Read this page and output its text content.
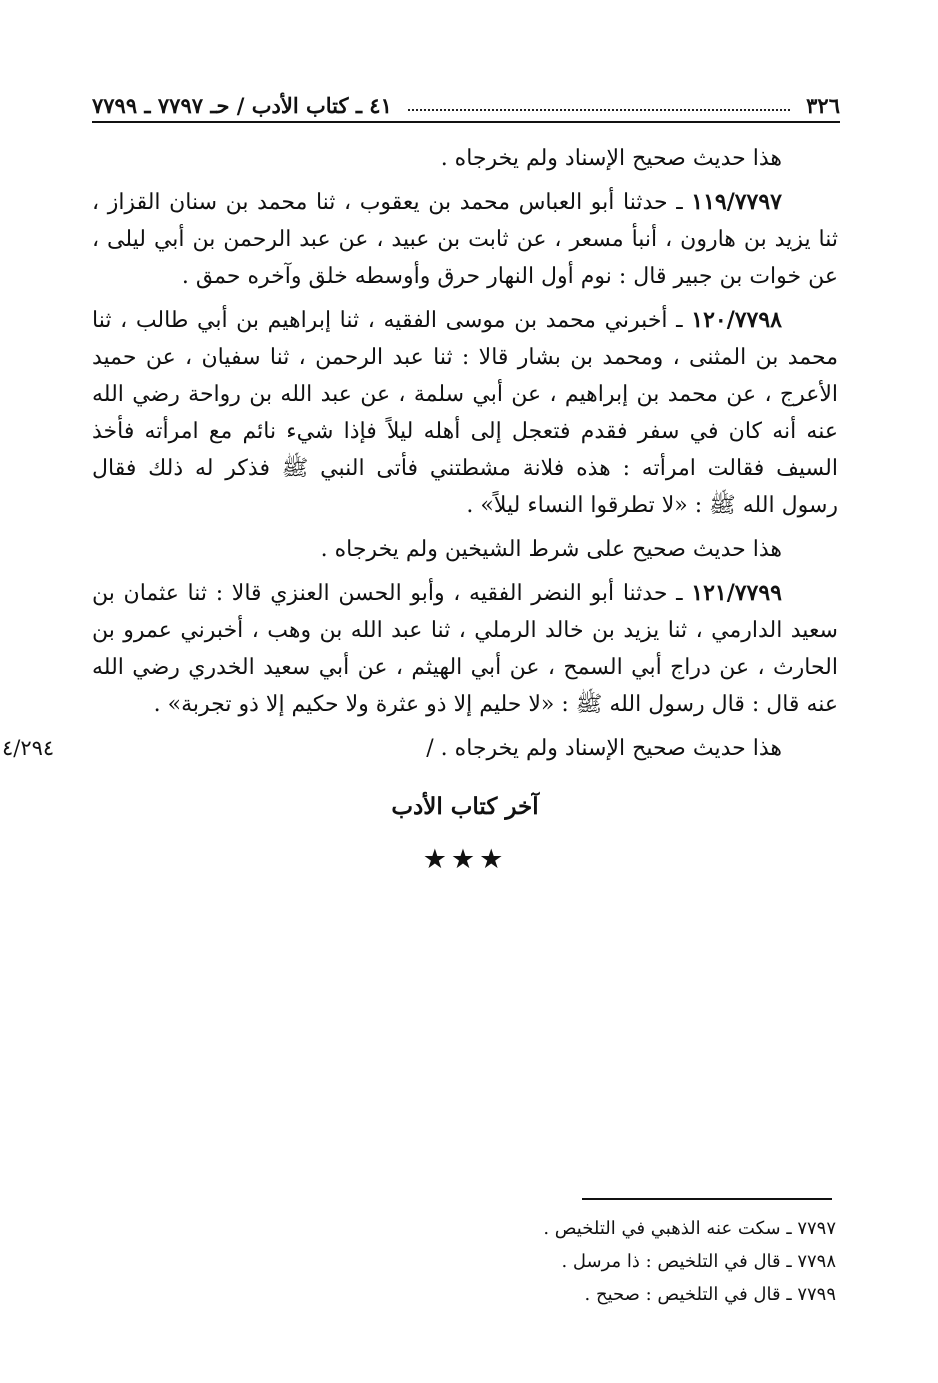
٣٢٦
٤١ ـ كتاب الأدب / حـ ٧٧٩٧ ـ ٧٧٩٩

هذا حديث صحيح الإسناد ولم يخرجاه .

١١٩/٧٧٩٧ ـ حدثنا أبو العباس محمد بن يعقوب ، ثنا محمد بن سنان القزاز ، ثنا يزيد بن هارون ، أنبأ مسعر ، عن ثابت بن عبيد ، عن عبد الرحمن بن أبي ليلى ، عن خوات بن جبير قال : نوم أول النهار حرق وأوسطه خلق وآخره حمق .

١٢٠/٧٧٩٨ ـ أخبرني محمد بن موسى الفقيه ، ثنا إبراهيم بن أبي طالب ، ثنا محمد بن المثنى ، ومحمد بن بشار قالا : ثنا عبد الرحمن ، ثنا سفيان ، عن حميد الأعرج ، عن محمد بن إبراهيم ، عن أبي سلمة ، عن عبد الله بن رواحة رضي الله عنه أنه كان في سفر فقدم فتعجل إلى أهله ليلاً فإذا شيء نائم مع امرأته فأخذ السيف فقالت امرأته : هذه فلانة مشطتني فأتى النبي ﷺ فذكر له ذلك فقال رسول الله ﷺ : «لا تطرقوا النساء ليلاً» .

هذا حديث صحيح على شرط الشيخين ولم يخرجاه .

١٢١/٧٧٩٩ ـ حدثنا أبو النضر الفقيه ، وأبو الحسن العنزي قالا : ثنا عثمان بن سعيد الدارمي ، ثنا يزيد بن خالد الرملي ، ثنا عبد الله بن وهب ، أخبرني عمرو بن الحارث ، عن دراج أبي السمح ، عن أبي الهيثم ، عن أبي سعيد الخدري رضي الله عنه قال : قال رسول الله ﷺ : «لا حليم إلا ذو عثرة ولا حكيم إلا ذو تجربة» .

هذا حديث صحيح الإسناد ولم يخرجاه . /

٤/٢٩٤
آخر كتاب الأدب
★★★
٧٧٩٧ ـ سكت عنه الذهبي في التلخيص .
٧٧٩٨ ـ قال في التلخيص : ذا مرسل .
٧٧٩٩ ـ قال في التلخيص : صحيح .
